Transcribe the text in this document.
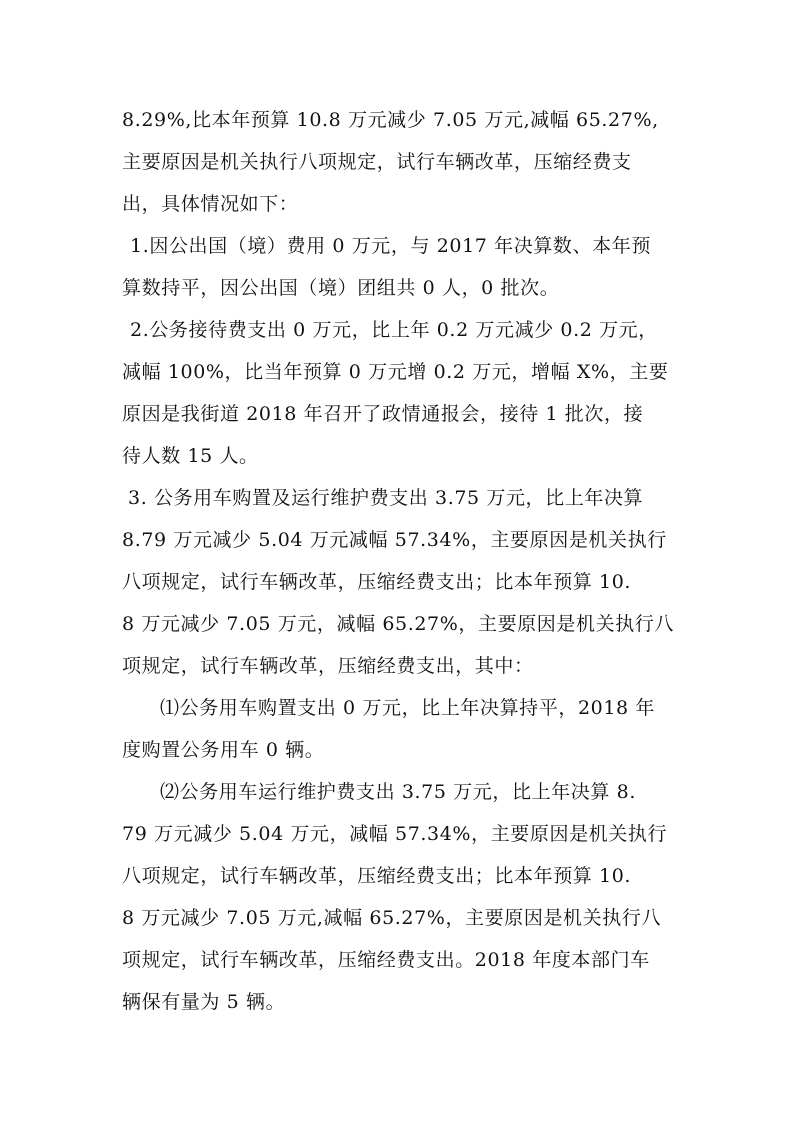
8.29%,比本年预算 10.8 万元减少 7.05 万元,减幅 65.27%,
主要原因是机关执行八项规定，试行车辆改革，压缩经费支
出，具体情况如下：
1.因公出国（境）费用 0 万元，与 2017 年决算数、本年预
算数持平，因公出国（境）团组共 0 人，0 批次。
2.公务接待费支出 0 万元，比上年 0.2 万元减少 0.2 万元，
减幅 100%，比当年预算 0 万元增 0.2 万元，增幅 X%，主要
原因是我街道 2018 年召开了政情通报会，接待 1 批次，接
待人数 15 人。
3. 公务用车购置及运行维护费支出 3.75 万元，比上年决算
8.79 万元减少 5.04 万元减幅 57.34%，主要原因是机关执行
八项规定，试行车辆改革，压缩经费支出；比本年预算 10.
8 万元减少 7.05 万元，减幅 65.27%，主要原因是机关执行八
项规定，试行车辆改革，压缩经费支出，其中：
⑴公务用车购置支出 0 万元，比上年决算持平，2018 年
度购置公务用车 0 辆。
⑵公务用车运行维护费支出 3.75 万元，比上年决算 8.
79 万元减少 5.04 万元，减幅 57.34%，主要原因是机关执行
八项规定，试行车辆改革，压缩经费支出；比本年预算 10.
8 万元减少 7.05 万元,减幅 65.27%，主要原因是机关执行八
项规定，试行车辆改革，压缩经费支出。2018 年度本部门车
辆保有量为 5 辆。
